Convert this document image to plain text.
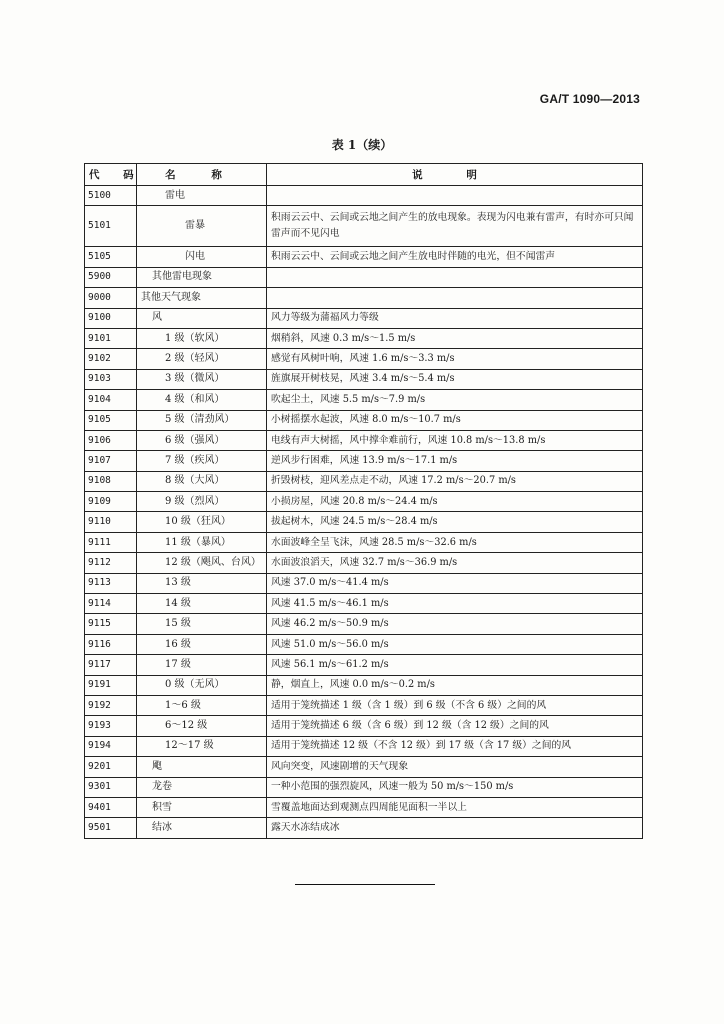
GA/T 1090—2013
表 1（续）
代 码	名 称	说 明
5100	雷电	
5101	雷暴	积雨云云中、云间或云地之间产生的放电现象。表现为闪电兼有雷声，有时亦可只闻雷声而不见闪电
5105	闪电	积雨云云中、云间或云地之间产生放电时伴随的电光，但不闻雷声
5900	其他雷电现象	
9000	其他天气现象	
9100	风	风力等级为蒲福风力等级
9101	1 级（软风）	烟稍斜，风速 0.3 m/s～1.5 m/s
9102	2 级（轻风）	感觉有风树叶响，风速 1.6 m/s～3.3 m/s
9103	3 级（微风）	旌旗展开树枝晃，风速 3.4 m/s～5.4 m/s
9104	4 级（和风）	吹起尘土，风速 5.5 m/s～7.9 m/s
9105	5 级（清劲风）	小树摇摆水起波，风速 8.0 m/s～10.7 m/s
9106	6 级（强风）	电线有声大树摇，风中撑伞难前行，风速 10.8 m/s～13.8 m/s
9107	7 级（疾风）	逆风步行困难，风速 13.9 m/s～17.1 m/s
9108	8 级（大风）	折毁树枝，迎风差点走不动，风速 17.2 m/s～20.7 m/s
9109	9 级（烈风）	小损房屋，风速 20.8 m/s～24.4 m/s
9110	10 级（狂风）	拔起树木，风速 24.5 m/s～28.4 m/s
9111	11 级（暴风）	水面波峰全呈飞沫，风速 28.5 m/s～32.6 m/s
9112	12 级（飓风、台风）	水面波浪滔天，风速 32.7 m/s～36.9 m/s
9113	13 级	风速 37.0 m/s～41.4 m/s
9114	14 级	风速 41.5 m/s～46.1 m/s
9115	15 级	风速 46.2 m/s～50.9 m/s
9116	16 级	风速 51.0 m/s～56.0 m/s
9117	17 级	风速 56.1 m/s～61.2 m/s
9191	0 级（无风）	静，烟直上，风速 0.0 m/s～0.2 m/s
9192	1～6 级	适用于笼统描述 1 级（含 1 级）到 6 级（不含 6 级）之间的风
9193	6～12 级	适用于笼统描述 6 级（含 6 级）到 12 级（含 12 级）之间的风
9194	12～17 级	适用于笼统描述 12 级（不含 12 级）到 17 级（含 17 级）之间的风
9201	飑	风向突变，风速剧增的天气现象
9301	龙卷	一种小范围的强烈旋风，风速一般为 50 m/s～150 m/s
9401	积雪	雪覆盖地面达到观测点四周能见面积一半以上
9501	结冰	露天水冻结成冰
